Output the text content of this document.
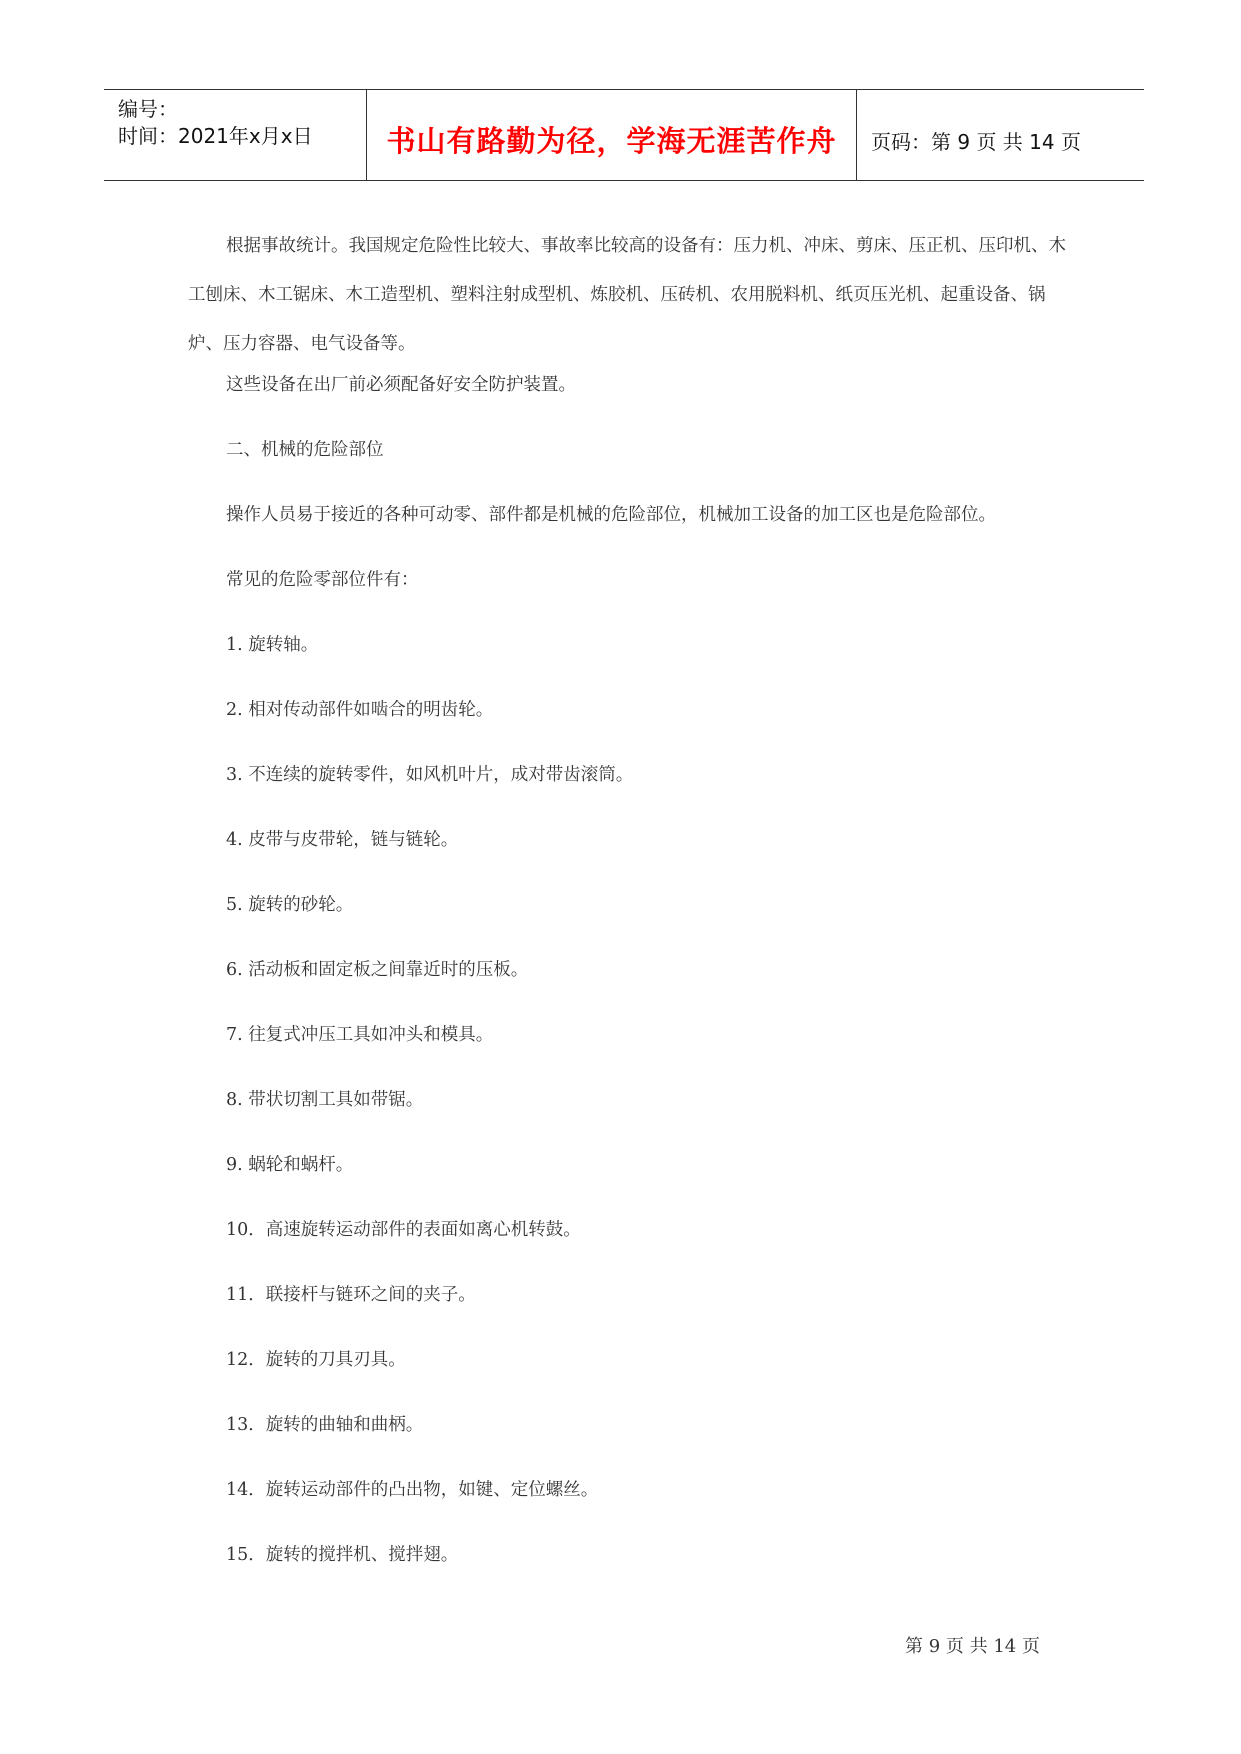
编号：
时间：2021年x月x日	书山有路勤为径，学海无涯苦作舟 页码：第 9 页 共 14 页

根据事故统计。我国规定危险性比较大、事故率比较高的设备有：压力机、冲床、剪床、压正机、压印机、木工刨床、木工锯床、木工造型机、塑料注射成型机、炼胶机、压砖机、农用脱料机、纸页压光机、起重设备、锅炉、压力容器、电气设备等。

这些设备在出厂前必须配备好安全防护装置。

二、机械的危险部位

操作人员易于接近的各种可动零、部件都是机械的危险部位，机械加工设备的加工区也是危险部位。

常见的危险零部位件有：

1. 旋转轴。

2. 相对传动部件如啮合的明齿轮。

3. 不连续的旋转零件，如风机叶片，成对带齿滚筒。

4. 皮带与皮带轮，链与链轮。

5. 旋转的砂轮。

6. 活动板和固定板之间靠近时的压板。

7. 往复式冲压工具如冲头和模具。

8. 带状切割工具如带锯。

9. 蜗轮和蜗杆。

10．高速旋转运动部件的表面如离心机转鼓。

11．联接杆与链环之间的夹子。

12．旋转的刀具刃具。

13．旋转的曲轴和曲柄。

14．旋转运动部件的凸出物，如键、定位螺丝。

15．旋转的搅拌机、搅拌翅。

第 9 页 共 14 页
